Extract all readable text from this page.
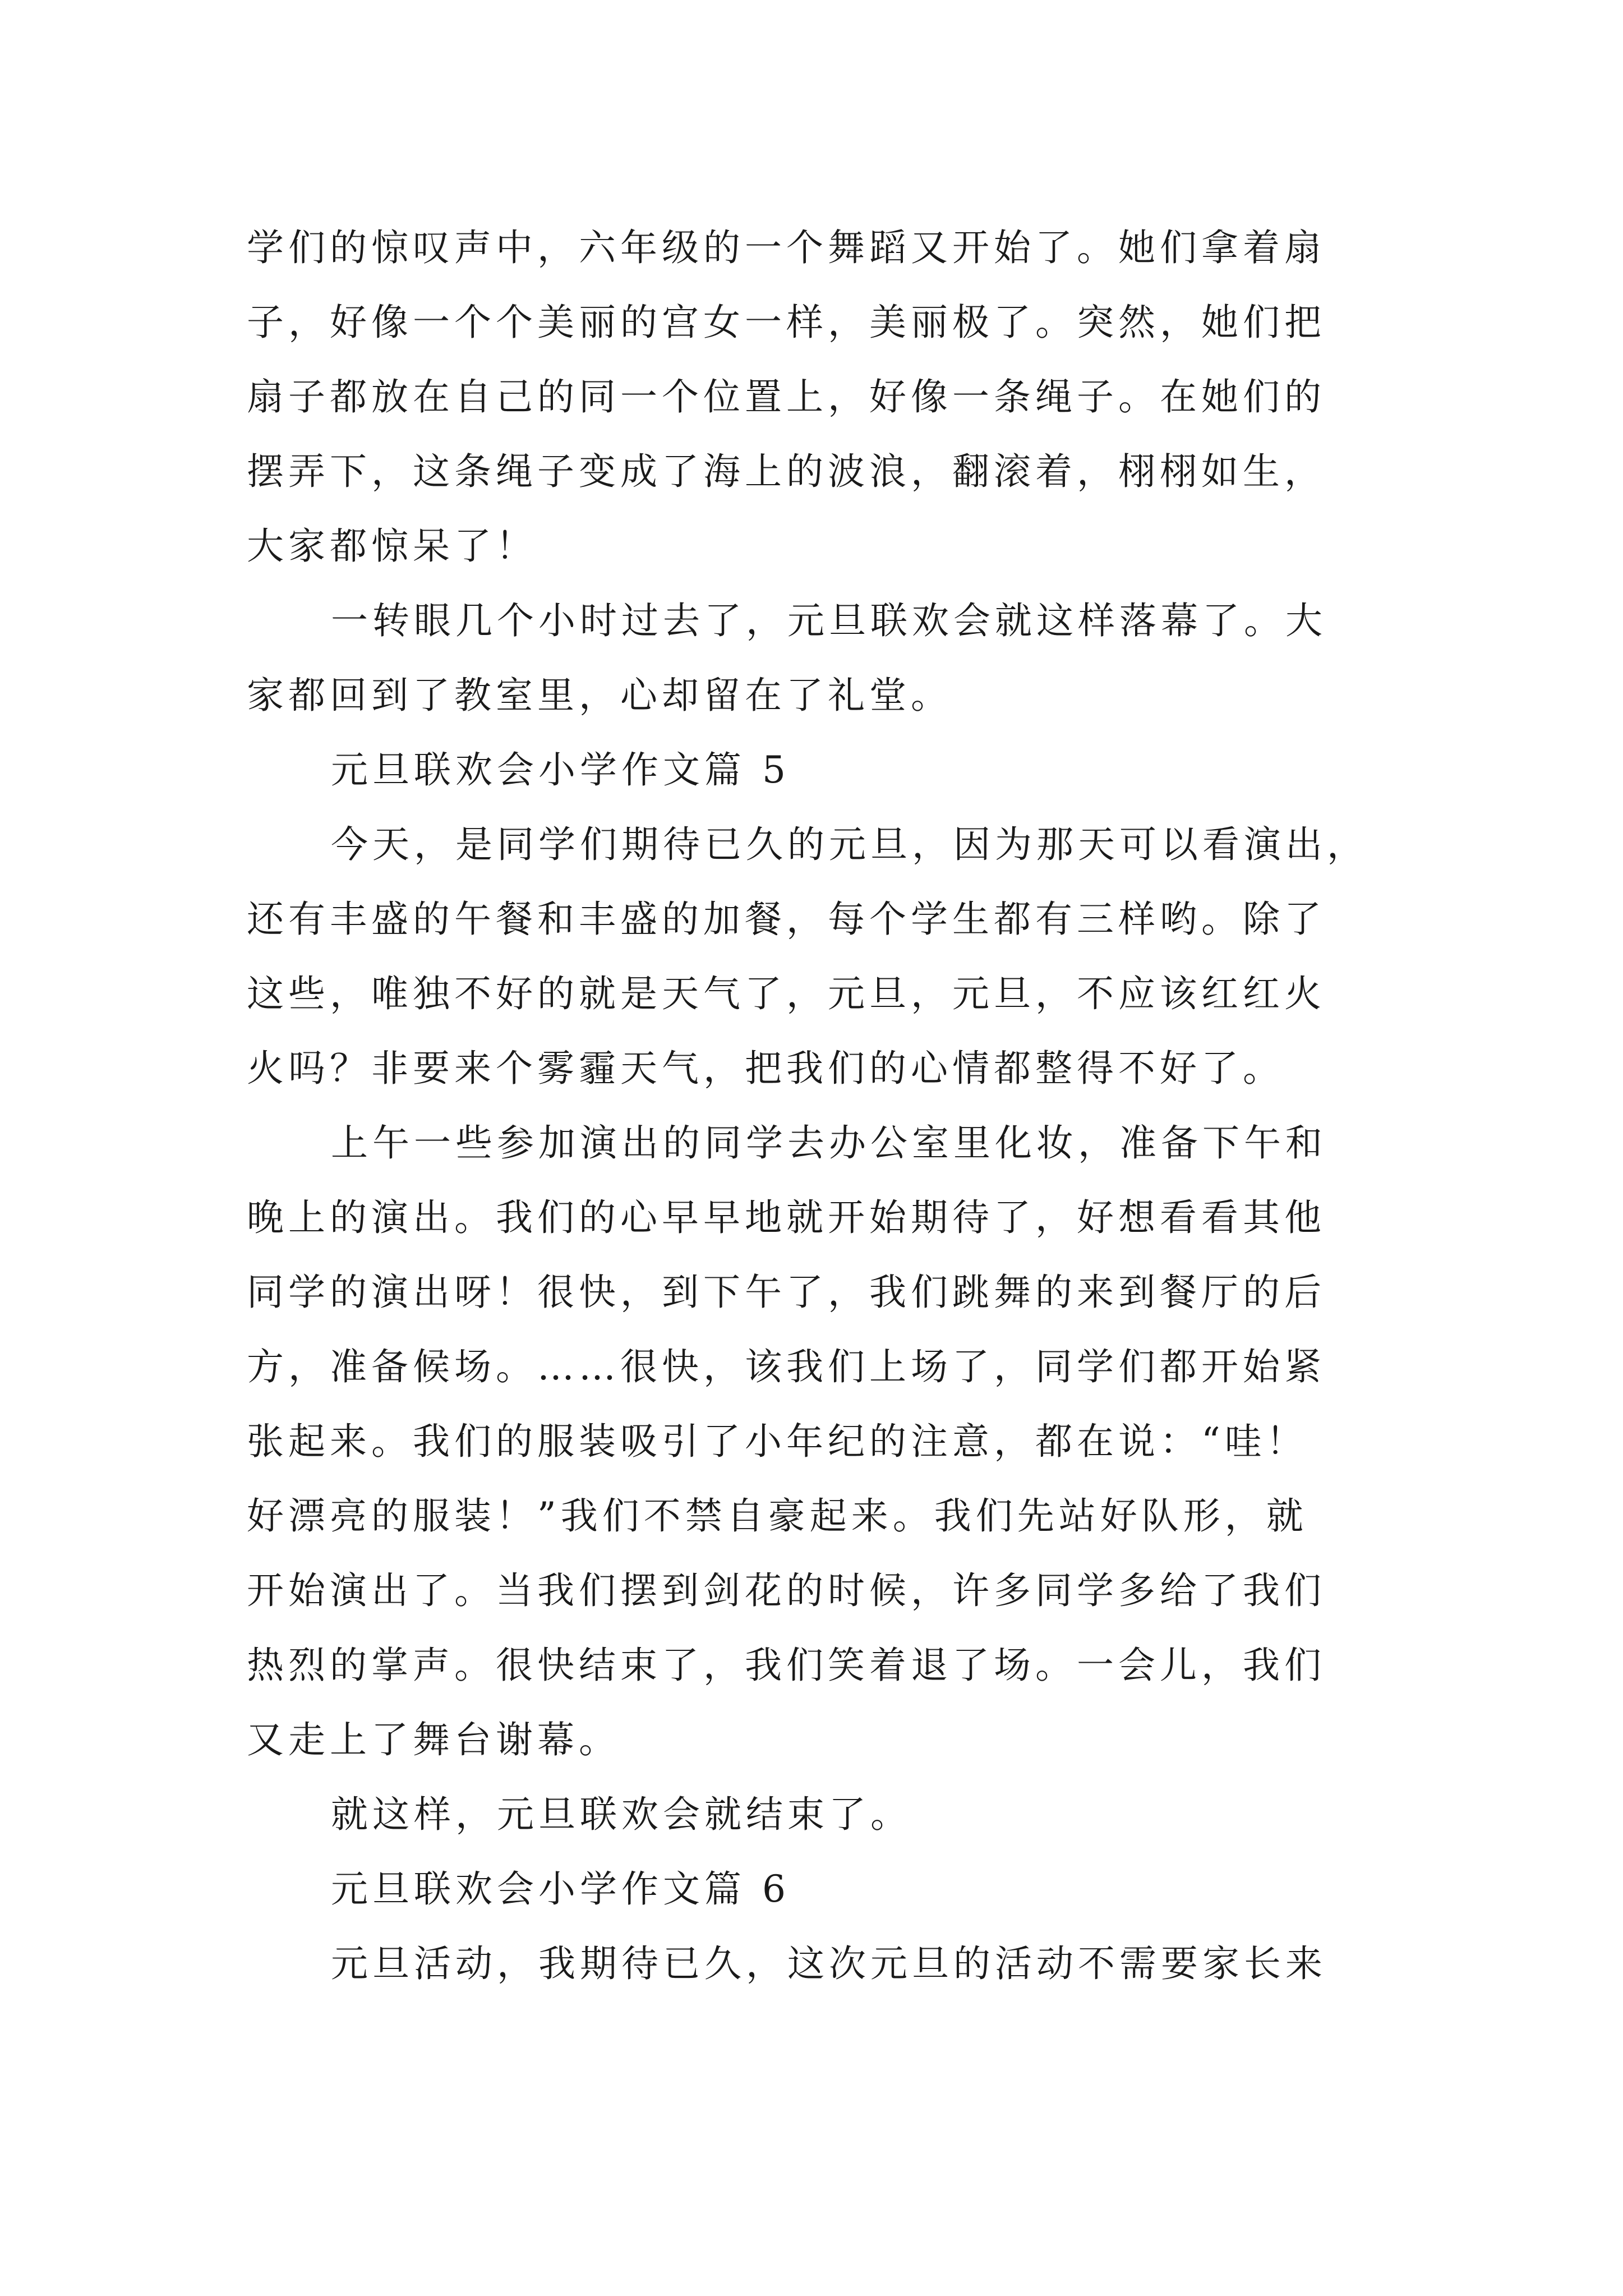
学们的惊叹声中，六年级的一个舞蹈又开始了。她们拿着扇
子，好像一个个美丽的宫女一样，美丽极了。突然，她们把
扇子都放在自己的同一个位置上，好像一条绳子。在她们的
摆弄下，这条绳子变成了海上的波浪，翻滚着，栩栩如生，
大家都惊呆了！
一转眼几个小时过去了，元旦联欢会就这样落幕了。大
家都回到了教室里，心却留在了礼堂。
元旦联欢会小学作文篇 5
今天，是同学们期待已久的元旦，因为那天可以看演出，
还有丰盛的午餐和丰盛的加餐，每个学生都有三样哟。除了
这些，唯独不好的就是天气了，元旦，元旦，不应该红红火
火吗？非要来个雾霾天气，把我们的心情都整得不好了。
上午一些参加演出的同学去办公室里化妆，准备下午和
晚上的演出。我们的心早早地就开始期待了，好想看看其他
同学的演出呀！很快，到下午了，我们跳舞的来到餐厅的后
方，准备候场。……很快，该我们上场了，同学们都开始紧
张起来。我们的服装吸引了小年纪的注意，都在说：“哇！
好漂亮的服装！”我们不禁自豪起来。我们先站好队形，就
开始演出了。当我们摆到剑花的时候，许多同学多给了我们
热烈的掌声。很快结束了，我们笑着退了场。一会儿，我们
又走上了舞台谢幕。
就这样，元旦联欢会就结束了。
元旦联欢会小学作文篇 6
元旦活动，我期待已久，这次元旦的活动不需要家长来
